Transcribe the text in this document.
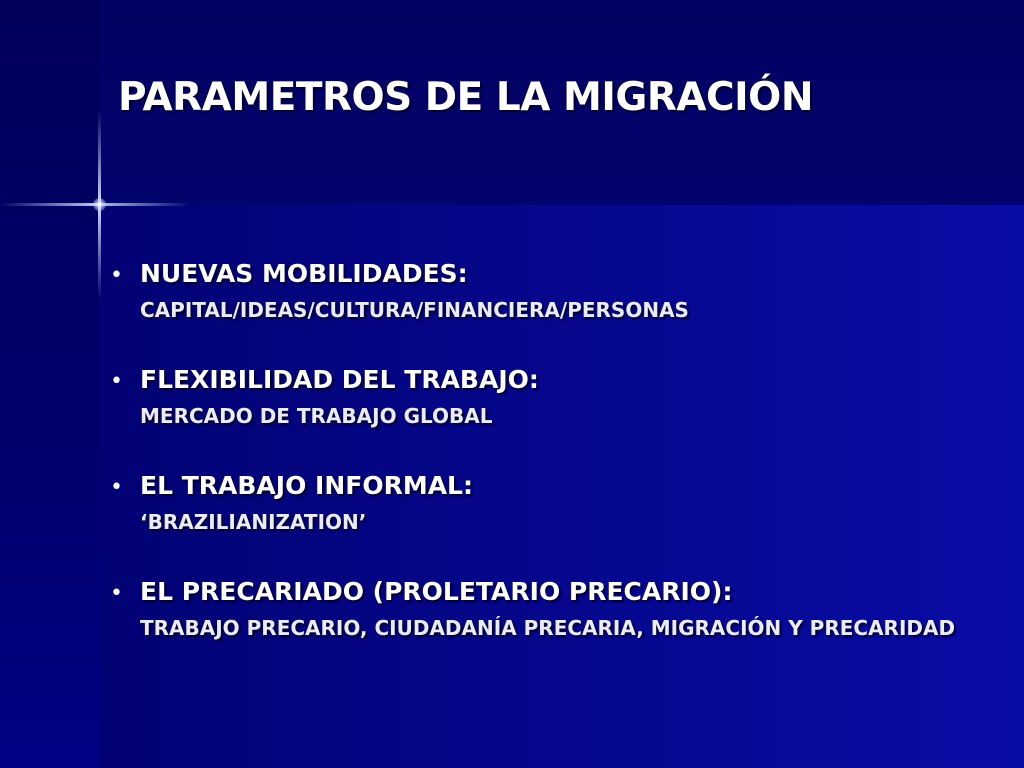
PARAMETROS DE LA MIGRACIÓN
• NUEVAS MOBILIDADES:
CAPITAL/IDEAS/CULTURA/FINANCIERA/PERSONAS
• FLEXIBILIDAD DEL TRABAJO:
MERCADO DE TRABAJO GLOBAL
• EL TRABAJO INFORMAL:
‘BRAZILIANIZATION’
• EL PRECARIADO (PROLETARIO PRECARIO):
TRABAJO PRECARIO, CIUDADANÍA PRECARIA, MIGRACIÓN Y PRECARIDAD
